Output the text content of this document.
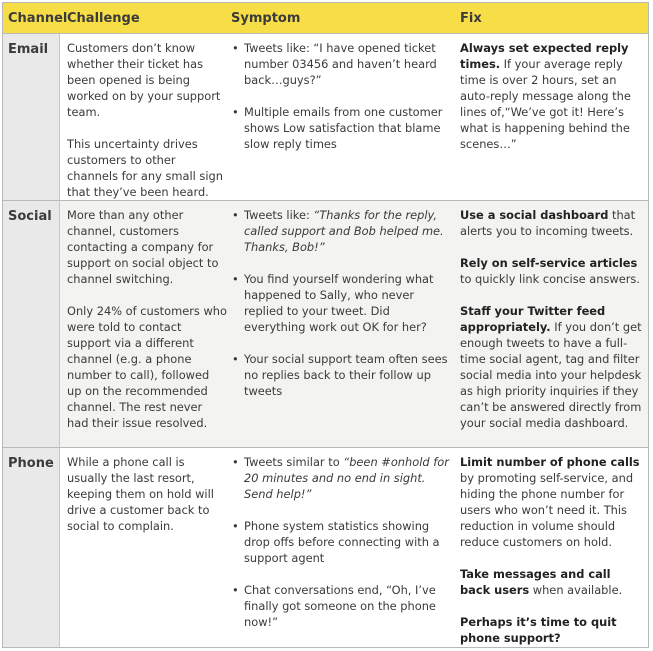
Channel Challenge	Symptom	Fix
Email Customers don’t know whether their ticket has been opened is being worked on by your support team.

This uncertainty drives customers to other channels for any small sign that they’ve been heard.

• Tweets like: “I have opened ticket number 03456 and haven’t heard back…guys?”
• Multiple emails from one customer shows Low satisfaction that blame slow reply times

Always set expected reply times. If your average reply time is over 2 hours, set an auto-reply message along the lines of,“We’ve got it! Here’s what is happening behind the scenes…”

Social More than any other channel, customers contacting a company for support on social object to channel switching.

Only 24% of customers who were told to contact support via a different channel (e.g. a phone number to call), followed up on the recommended channel. The rest never had their issue resolved.

• Tweets like: “Thanks for the reply, called support and Bob helped me. Thanks, Bob!”
• You find yourself wondering what happened to Sally, who never replied to your tweet. Did everything work out OK for her?
• Your social support team often sees no replies back to their follow up tweets

Use a social dashboard that alerts you to incoming tweets.

Rely on self-service articles to quickly link concise answers.

Staff your Twitter feed appropriately. If you don’t get enough tweets to have a full-time social agent, tag and filter social media into your helpdesk as high priority inquiries if they can’t be answered directly from your social media dashboard.

Phone While a phone call is usually the last resort, keeping them on hold will drive a customer back to social to complain.

• Tweets similar to “been #onhold for 20 minutes and no end in sight. Send help!”
• Phone system statistics showing drop offs before connecting with a support agent
• Chat conversations end, “Oh, I’ve finally got someone on the phone now!”

Limit number of phone calls by promoting self-service, and hiding the phone number for users who won’t need it. This reduction in volume should reduce customers on hold.

Take messages and call back users when available.

Perhaps it’s time to quit phone support?
